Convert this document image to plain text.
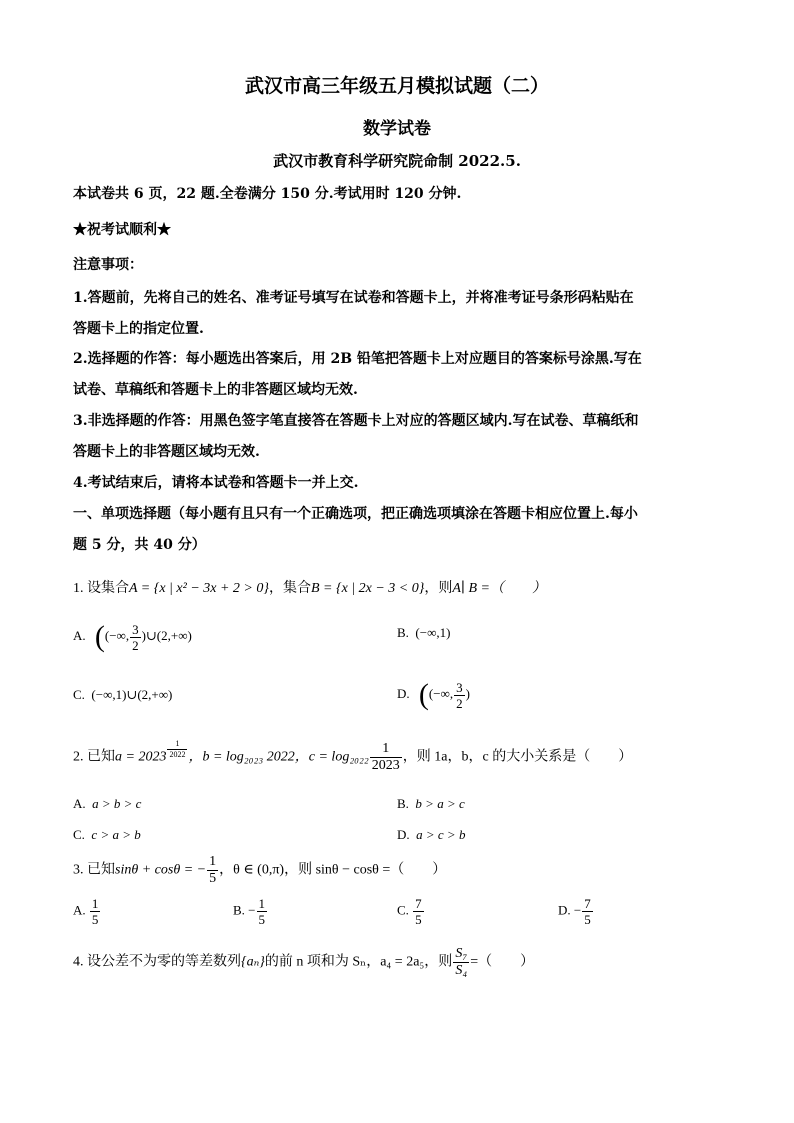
武汉市高三年级五月模拟试题（二）
数学试卷
武汉市教育科学研究院命制 2022.5.
本试卷共 6 页，22 题.全卷满分 150 分.考试用时 120 分钟.
★祝考试顺利★
注意事项：
1.答题前，先将自己的姓名、准考证号填写在试卷和答题卡上，并将准考证号条形码粘贴在
答题卡上的指定位置.
2.选择题的作答：每小题选出答案后，用 2B 铅笔把答题卡上对应题目的答案标号涂黑.写在
试卷、草稿纸和答题卡上的非答题区域均无效.
3.非选择题的作答：用黑色签字笔直接答在答题卡上对应的答题区域内.写在试卷、草稿纸和
答题卡上的非答题区域均无效.
4.考试结束后，请将本试卷和答题卡一并上交.
一、单项选择题（每小题有且只有一个正确选项，把正确选项填涂在答题卡相应位置上.每小
题 5 分，共 40 分）
1. 设集合A = {x | x² − 3x + 2 > 0}，集合B = {x | 2x − 3 < 0}，则A∣ B =（　　）
A. ((−∞, $\frac{3}{2}$ )∪(2,+∞)	B. (−∞,1)
C. (−∞,1)∪(2,+∞)	D. ((−∞, $\frac{3}{2}$ )
2. 已知$a = 2023 \frac{1}{2022}$ ，b = log₂₀₂₃ 2022，$c = \log_{2022} \frac{1}{2023}$ ，则 1a，b，c 的大小关系是（　　）
A. a > b > c	B. b > a > c
C. c > a > b	D. a > c > b
3. 已知sinθ + cosθ = − $\frac{1}{5}$ ，θ ∈ (0,π)，则 sinθ − cosθ =（　　）
A. $\frac{1}{5}$	B. − $\frac{1}{5}$	C. $\frac{7}{5}$	D. − $\frac{7}{5}$
4. 设公差不为零的等差数列{aₙ}的前 n 项和为 Sₙ，a₄ = 2a₅，则 $\frac{\text{S₇}}{\text{S₄}}$ =（　　）
